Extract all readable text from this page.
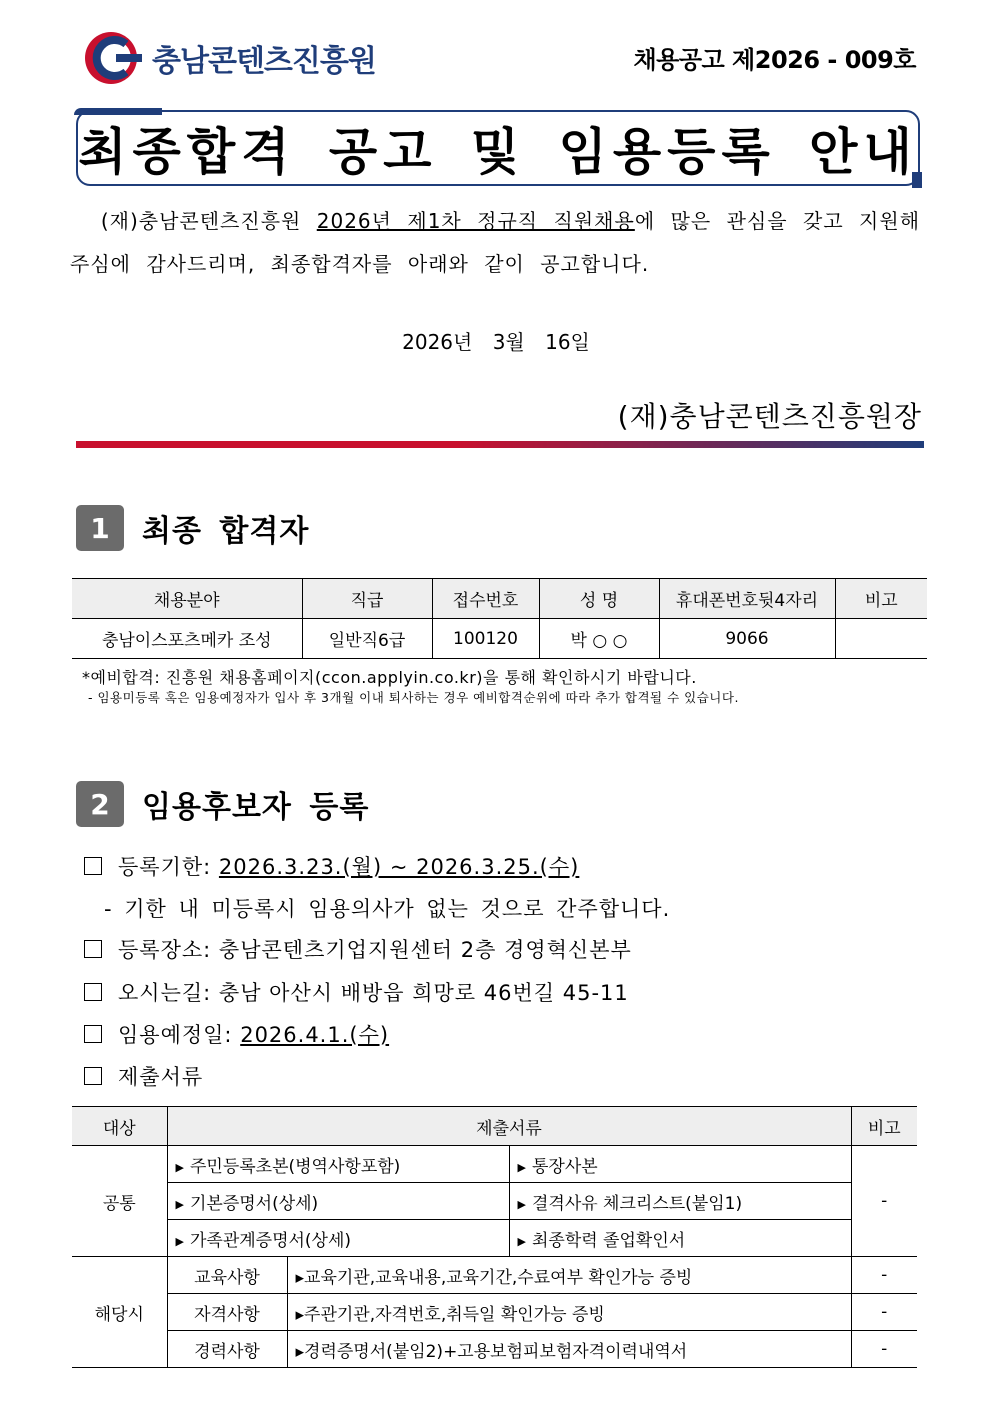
충남콘텐츠진흥원	채용공고 제2026 - 009호
최종합격 공고 및 임용등록 안내

(재)충남콘텐츠진흥원 2026년 제1차 정규직 직원채용에 많은 관심을 갖고 지원해 주심에 감사드리며, 최종합격자를 아래와 같이 공고합니다.

2026년 3월 16일
(재)충남콘텐츠진흥원장
1	최종 합격자
채용분야	직급	접수번호	성 명	휴대폰번호뒷4자리	비고
충남이스포츠메카 조성	일반직6급	100120	박 ○ ○	9066	
*예비합격: 진흥원 채용홈페이지(ccon.applyin.co.kr)을 통해 확인하시기 바랍니다.
- 임용미등록 혹은 임용예정자가 입사 후 3개월 이내 퇴사하는 경우 예비합격순위에 따라 추가 합격될 수 있습니다.
2	임용후보자 등록
등록기한:
2026.3.23.(월) ~ 2026.3.25.(수)
- 기한 내 미등록시 임용의사가 없는 것으로 간주합니다.
등록장소:
충남콘텐츠기업지원센터 2층 경영혁신본부
오시는길:
충남 아산시 배방읍 희망로 46번길 45-11
임용예정일:
2026.4.1.(수)
제출서류
대상	제출서류			비고
공통	▶ 주민등록초본(병역사항포함)		▶ 통장사본	-
	▶ 기본증명서(상세)		▶ 결격사유 체크리스트(붙임1)	
	▶ 가족관계증명서(상세)		▶ 최종학력 졸업확인서	
해당시	교육사항	▸교육기관,교육내용,교육기간,수료여부 확인가능 증빙		-
	자격사항	▸주관기관,자격번호,취득일 확인가능 증빙		-
	경력사항	▸경력증명서(붙임2)+고용보험피보험자격이력내역서		-
